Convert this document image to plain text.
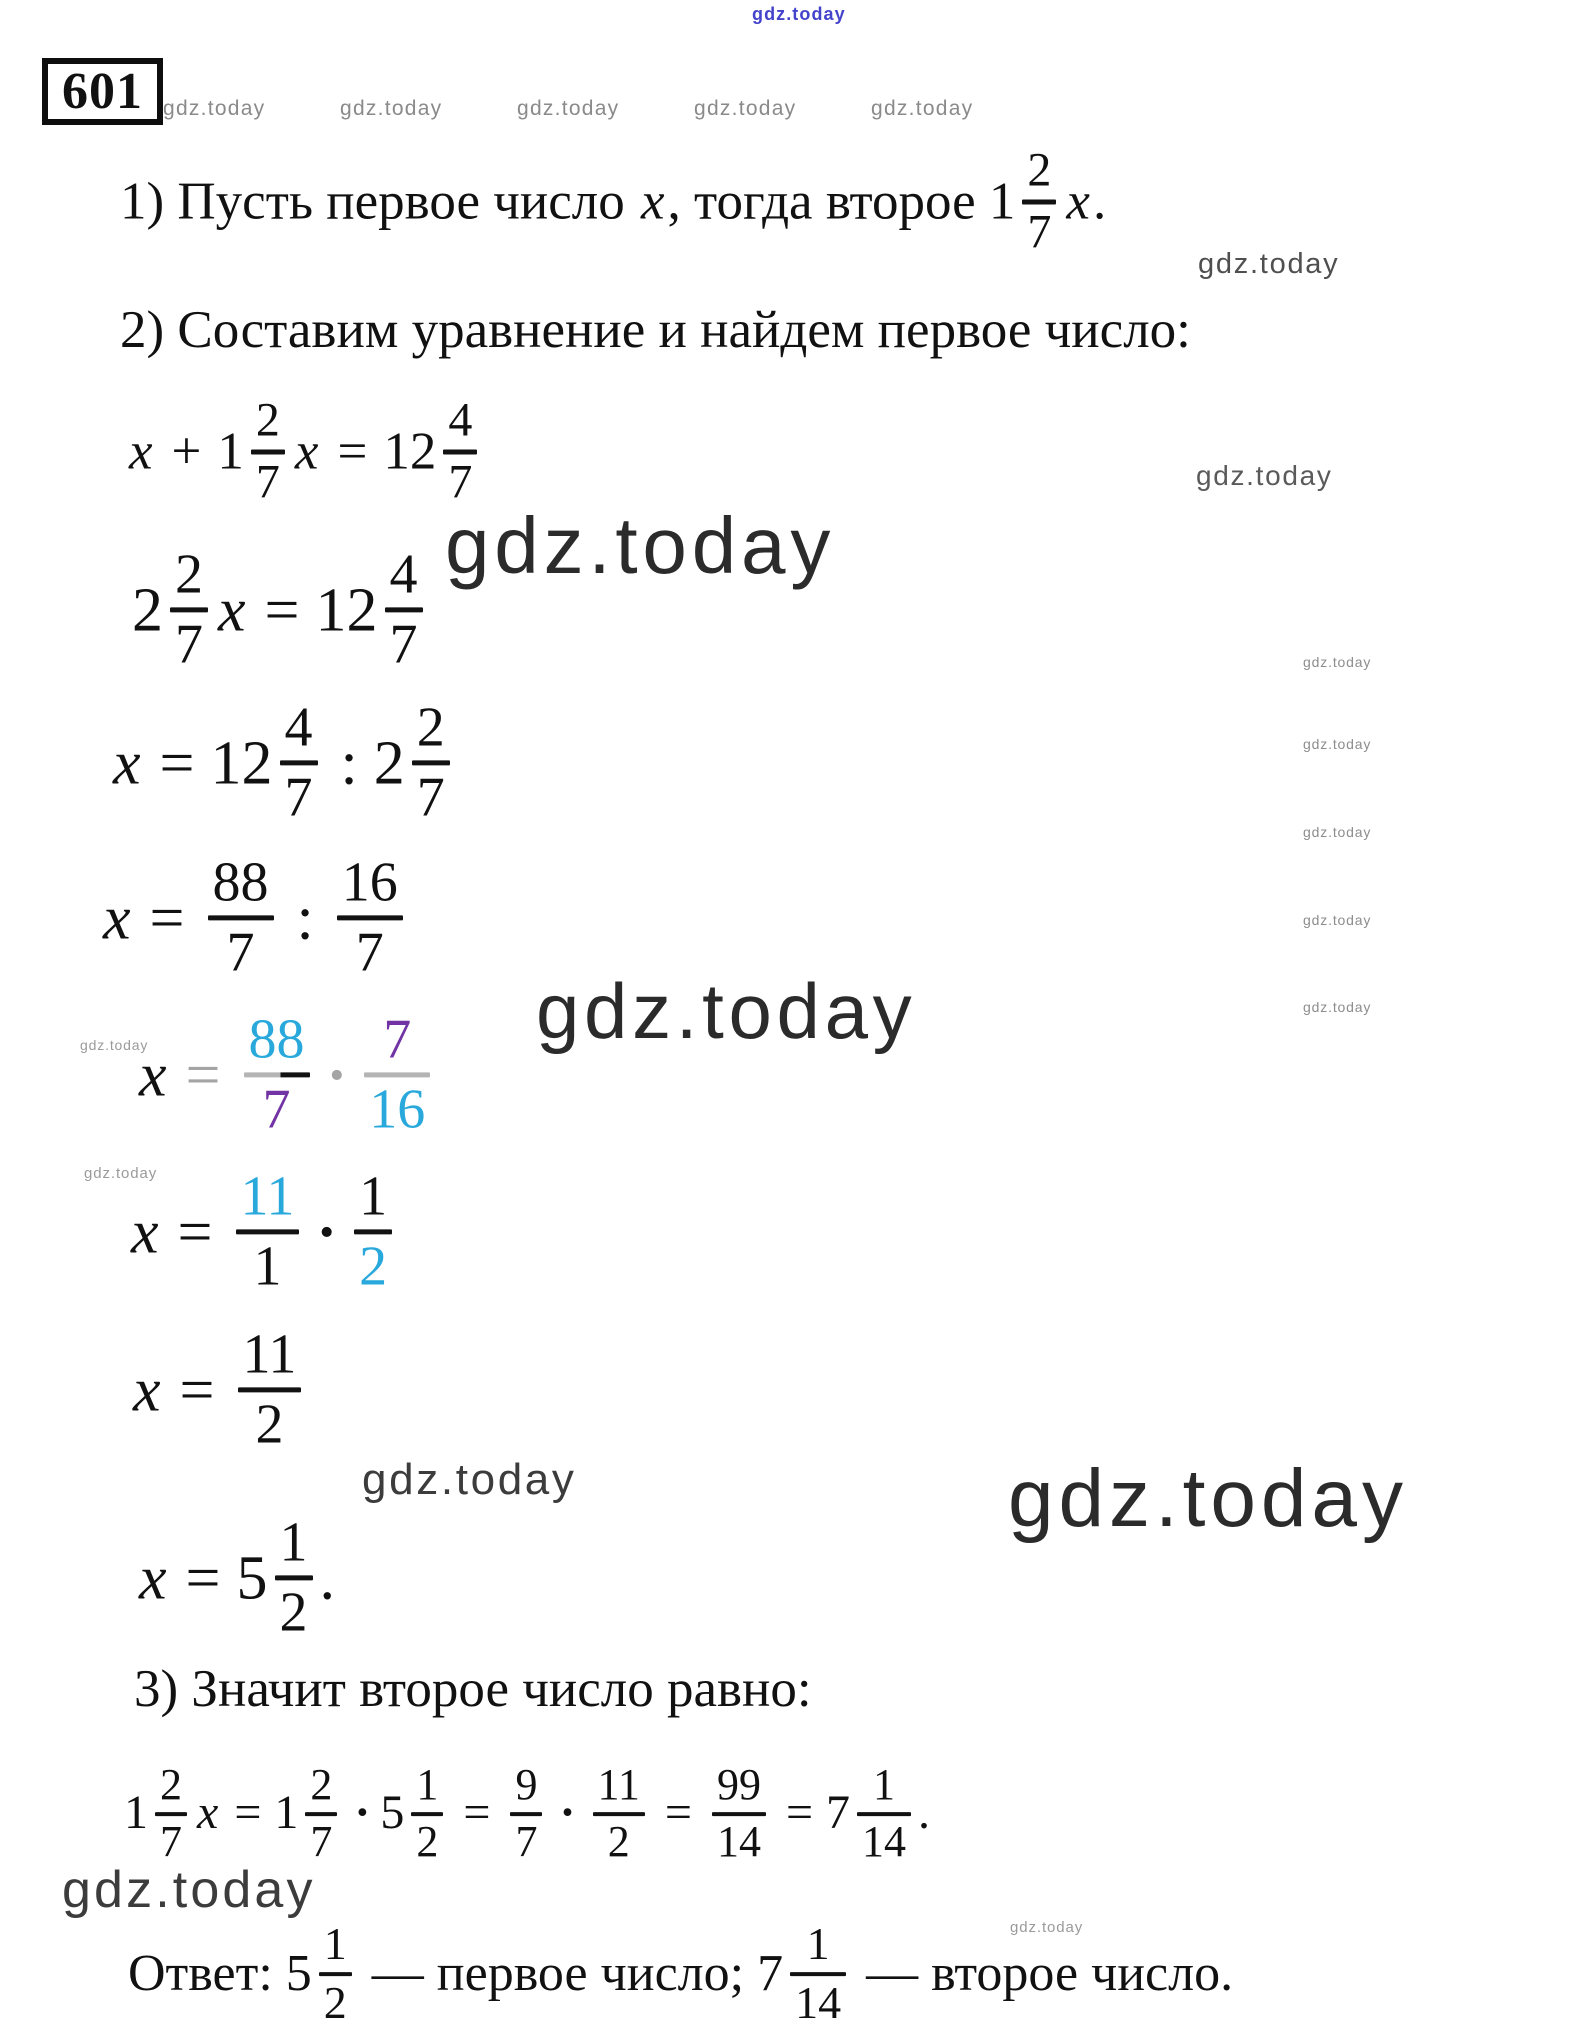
601
gdz.today
gdz.today	gdz.today	gdz.today	gdz.today	gdz.today
gdz.today
gdz.today
gdz.today
gdz.today
gdz.today
gdz.today
gdz.today
gdz.today
gdz.today
gdz.today
gdz.today
gdz.today
gdz.today
gdz.today
gdz.today
1) Пусть первое число x , тогда второе 1
2
7
x .
2) Составим уравнение и найдем первое число:
x + 1
2
7
x = 12
4
7
2
2
7
x = 12
4
7
x = 12
4
7
: 2
2
7
x =
88
7
:
16
7
x =
88
7
·
7
16
x =
11
1
·
1
2
x =
11
2
x = 5
1
2
.
3) Значит второе число равно:
$1 \frac{2}{7}$ $x = 1 \frac{2}{7} \cdot 5 \frac{1}{2} = \frac{9}{7} \cdot \frac{11}{2} = \frac{99}{14} = 7 \frac{1}{14}$ .
Ответ: $5 \frac{1}{2}$ — первое число; $7 \frac{1}{14}$ — второе число.
